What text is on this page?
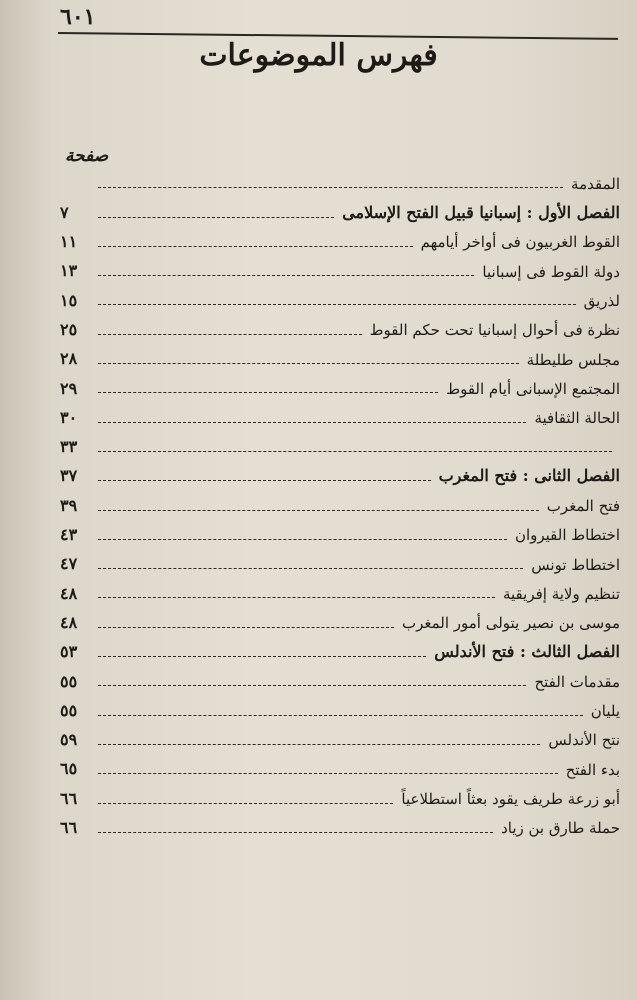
٦٠١
فهرس الموضوعات
صفحة
المقدمة
الفصل الأول : إسبانيا قبيل الفتح الإسلامى
٧
القوط الغربيون فى أواخر أيامهم
١١
دولة القوط فى إسبانيا
١٣
لذريق
١٥
نظرة فى أحوال إسبانيا تحت حكم القوط
٢٥
مجلس طليطلة
٢٨
المجتمع الإسبانى أيام القوط
٢٩
الحالة الثقافية
٣٠
٣٣
الفصل الثانى : فتح المغرب
٣٧
فتح المغرب
٣٩
اختطاط القيروان
٤٣
اختطاط تونس
٤٧
تنظيم ولاية إفريقية
٤٨
موسى بن نصير يتولى أمور المغرب
٤٨
الفصل الثالث : فتح الأندلس
٥٣
مقدمات الفتح
٥٥
يليان
٥٥
نتح الأندلس
٥٩
بدء الفتح
٦٥
أبو زرعة طريف يقود بعثاً استطلاعياً
٦٦
حملة طارق بن زياد
٦٦
